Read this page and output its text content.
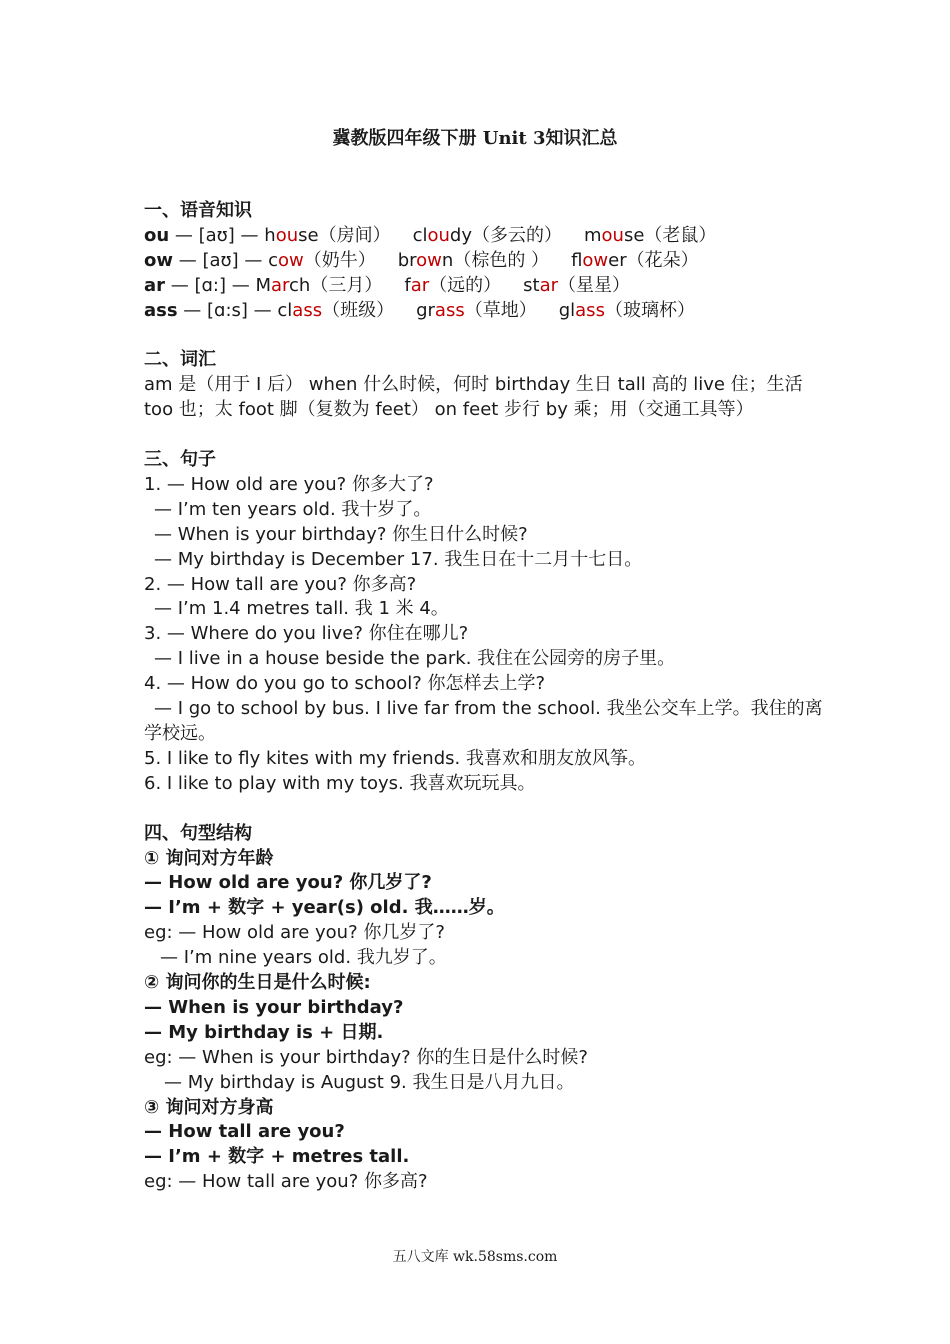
冀教版四年级下册 Unit 3知识汇总
一、语音知识
ou — [aʊ] — house（房间） cloudy（多云的） mouse（老鼠）
ow — [aʊ] — cow（奶牛） brown（棕色的 ） flower（花朵）
ar — [ɑ:] — March（三月） far（远的） star（星星）
ass — [ɑ:s] — class（班级） grass（草地） glass（玻璃杯）
二、词汇
am 是（用于 I 后） when 什么时候，何时 birthday 生日 tall 高的 live 住；生活 too 也；太 foot 脚（复数为 feet） on feet 步行 by 乘；用（交通工具等）
三、句子
1. — How old are you? 你多大了?
— I’m ten years old. 我十岁了。
— When is your birthday? 你生日什么时候?
— My birthday is December 17. 我生日在十二月十七日。
2. — How tall are you? 你多高?
— I’m 1.4 metres tall. 我 1 米 4。
3. — Where do you live? 你住在哪儿?
— I live in a house beside the park. 我住在公园旁的房子里。
4. — How do you go to school? 你怎样去上学?
— I go to school by bus. I live far from the school. 我坐公交车上学。我住的离学校远。
5. I like to fly kites with my friends. 我喜欢和朋友放风筝。
6. I like to play with my toys. 我喜欢玩玩具。
四、句型结构
① 询问对方年龄
— How old are you? 你几岁了?
— I’m + 数字 + year(s) old. 我……岁。
eg: — How old are you? 你几岁了?
— I’m nine years old. 我九岁了。
② 询问你的生日是什么时候:
— When is your birthday?
— My birthday is + 日期.
eg: — When is your birthday? 你的生日是什么时候?
— My birthday is August 9. 我生日是八月九日。
③ 询问对方身高
— How tall are you?
— I’m + 数字 + metres tall.
eg: — How tall are you? 你多高?
五八文库 wk.58sms.com
